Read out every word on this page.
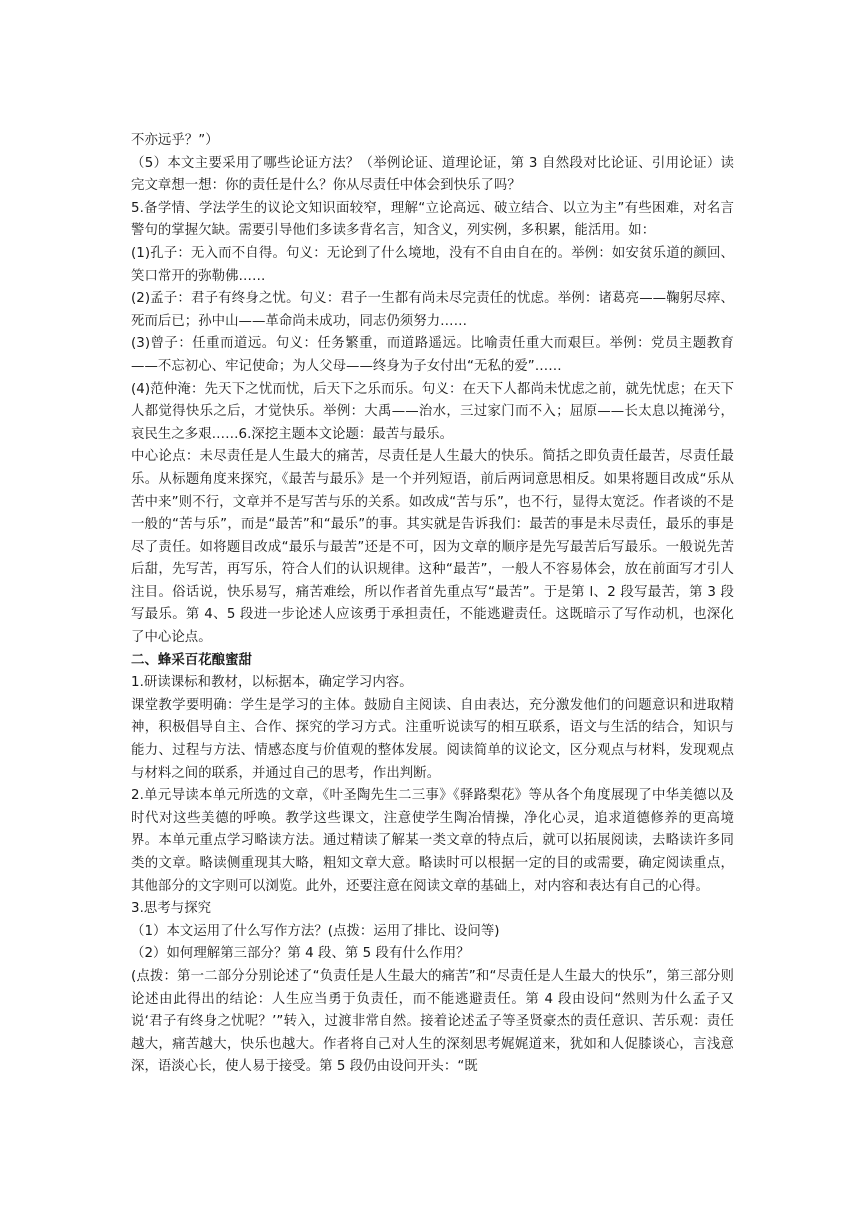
不亦远乎？”）

（5）本文主要采用了哪些论证方法？（举例论证、道理论证，第 3 自然段对比论证、引用论证）读完文章想一想：你的责任是什么？你从尽责任中体会到快乐了吗？

5.备学情、学法学生的议论文知识面较窄，理解“立论高远、破立结合、以立为主”有些困难，对名言警句的掌握欠缺。需要引导他们多读多背名言，知含义，列实例，多积累，能活用。如：

(1)孔子：无入而不自得。句义：无论到了什么境地，没有不自由自在的。举例：如安贫乐道的颜回、笑口常开的弥勒佛……

(2)孟子：君子有终身之忧。句义：君子一生都有尚未尽完责任的忧虑。举例：诸葛亮——鞠躬尽瘁、死而后已；孙中山——革命尚未成功，同志仍须努力……

(3)曾子：任重而道远。句义：任务繁重，而道路遥远。比喻责任重大而艰巨。举例：党员主题教育——不忘初心、牢记使命；为人父母——终身为子女付出“无私的爱”……

(4)范仲淹：先天下之忧而忧，后天下之乐而乐。句义：在天下人都尚未忧虑之前，就先忧虑；在天下人都觉得快乐之后，才觉快乐。举例：大禹——治水，三过家门而不入；屈原——长太息以掩涕兮，哀民生之多艰……6.深挖主题本文论题：最苦与最乐。

中心论点：未尽责任是人生最大的痛苦，尽责任是人生最大的快乐。简括之即负责任最苦，尽责任最乐。从标题角度来探究，《最苦与最乐》是一个并列短语，前后两词意思相反。如果将题目改成“乐从苦中来”则不行，文章并不是写苦与乐的关系。如改成“苦与乐”，也不行，显得太宽泛。作者谈的不是一般的“苦与乐”，而是“最苦”和“最乐”的事。其实就是告诉我们：最苦的事是未尽责任，最乐的事是尽了责任。如将题目改成“最乐与最苦”还是不可，因为文章的顺序是先写最苦后写最乐。一般说先苦后甜，先写苦，再写乐，符合人们的认识规律。这种“最苦”，一般人不容易体会，放在前面写才引人注目。俗话说，快乐易写，痛苦难绘，所以作者首先重点写“最苦”。于是第 l、2 段写最苦，第 3 段写最乐。第 4、5 段进一步论述人应该勇于承担责任，不能逃避责任。这既暗示了写作动机，也深化了中心论点。

二、蜂采百花酿蜜甜

1.研读课标和教材，以标据本，确定学习内容。

课堂教学要明确：学生是学习的主体。鼓励自主阅读、自由表达，充分激发他们的问题意识和进取精神，积极倡导自主、合作、探究的学习方式。注重听说读写的相互联系，语文与生活的结合，知识与能力、过程与方法、情感态度与价值观的整体发展。阅读简单的议论文，区分观点与材料，发现观点与材料之间的联系，并通过自己的思考，作出判断。

2.单元导读本单元所选的文章，《叶圣陶先生二三事》《驿路梨花》等从各个角度展现了中华美德以及时代对这些美德的呼唤。教学这些课文，注意使学生陶冶情操，净化心灵，追求道德修养的更高境界。本单元重点学习略读方法。通过精读了解某一类文章的特点后，就可以拓展阅读，去略读许多同类的文章。略读侧重现其大略，粗知文章大意。略读时可以根据一定的目的或需要，确定阅读重点，其他部分的文字则可以浏览。此外，还要注意在阅读文章的基础上，对内容和表达有自己的心得。

3.思考与探究

（1）本文运用了什么写作方法？(点拨：运用了排比、设问等)

（2）如何理解第三部分？第 4 段、第 5 段有什么作用？

(点拨：第一二部分分别论述了“负责任是人生最大的痛苦”和“尽责任是人生最大的快乐”，第三部分则论述由此得出的结论：人生应当勇于负责任，而不能逃避责任。第 4 段由设问“然则为什么孟子又说‘君子有终身之忧呢？’”转入，过渡非常自然。接着论述孟子等圣贤豪杰的责任意识、苦乐观：责任越大，痛苦越大，快乐也越大。作者将自己对人生的深刻思考娓娓道来，犹如和人促膝谈心，言浅意深，语淡心长，使人易于接受。第 5 段仍由设问开头：“既
